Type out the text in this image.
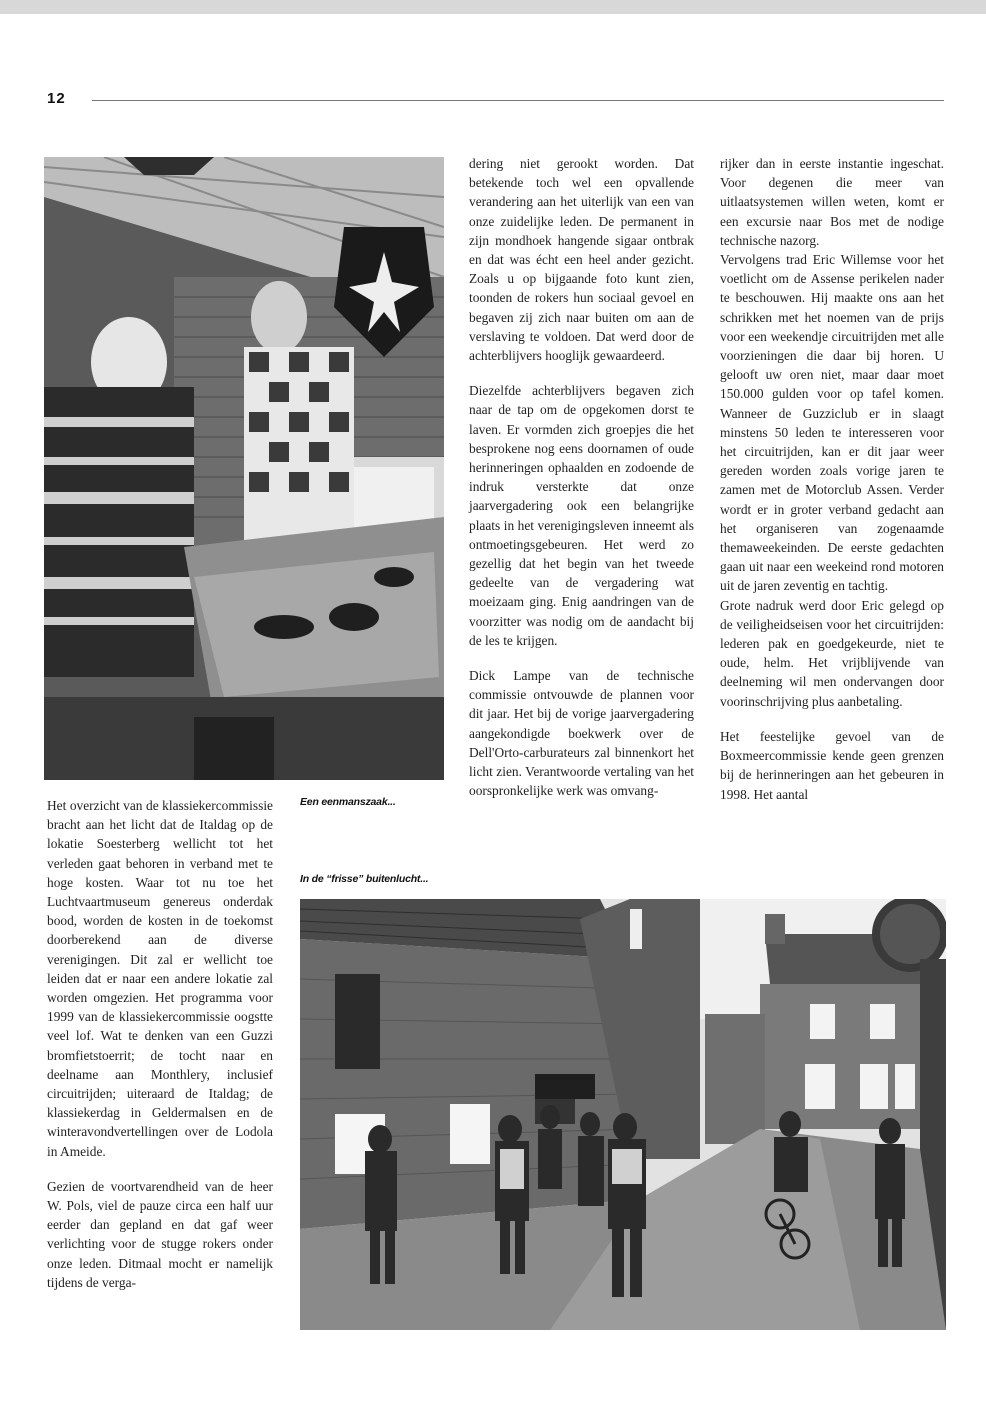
12

Het overzicht van de klassiekercommissie bracht aan het licht dat de Italdag op de lokatie Soesterberg wellicht tot het verleden gaat behoren in verband met te hoge kosten. Waar tot nu toe het Luchtvaartmuseum genereus onderdak bood, worden de kosten in de toekomst doorberekend aan de diverse verenigingen. Dit zal er wellicht toe leiden dat er naar een andere lokatie zal worden omgezien. Het programma voor 1999 van de klassiekercommissie oogstte veel lof. Wat te denken van een Guzzi bromfietstoerrit; de tocht naar en deelname aan Monthlery, inclusief circuitrijden; uiteraard de Italdag; de klassiekerdag in Geldermalsen en de winteravondvertellingen over de Lodola in Ameide.

Gezien de voortvarendheid van de heer W. Pols, viel de pauze circa een half uur eerder dan gepland en dat gaf weer verlichting voor de stugge rokers onder onze leden. Ditmaal mocht er namelijk tijdens de verga-

Een eenmanszaak...
In de “frisse” buitenlucht...

dering niet gerookt worden. Dat betekende toch wel een opvallende verandering aan het uiterlijk van een van onze zuidelijke leden. De permanent in zijn mondhoek hangende sigaar ontbrak en dat was écht een heel ander gezicht. Zoals u op bijgaande foto kunt zien, toonden de rokers hun sociaal gevoel en begaven zij zich naar buiten om aan de verslaving te voldoen. Dat werd door de achterblijvers hooglijk gewaardeerd.

Diezelfde achterblijvers begaven zich naar de tap om de opgekomen dorst te laven. Er vormden zich groepjes die het besprokene nog eens doornamen of oude herinneringen ophaalden en zodoende de indruk versterkte dat onze jaarvergadering ook een belangrijke plaats in het verenigingsleven inneemt als ontmoetingsgebeuren. Het werd zo gezellig dat het begin van het tweede gedeelte van de vergadering wat moeizaam ging. Enig aandringen van de voorzitter was nodig om de aandacht bij de les te krijgen.

Dick Lampe van de technische commissie ontvouwde de plannen voor dit jaar. Het bij de vorige jaarvergadering aangekondigde boekwerk over de Dell'Orto-carburateurs zal binnenkort het licht zien. Verantwoorde vertaling van het oorspronkelijke werk was omvang-

rijker dan in eerste instantie ingeschat. Voor degenen die meer van uitlaatsystemen willen weten, komt er een excursie naar Bos met de nodige technische nazorg.

Vervolgens trad Eric Willemse voor het voetlicht om de Assense perikelen nader te beschouwen. Hij maakte ons aan het schrikken met het noemen van de prijs voor een weekendje circuitrijden met alle voorzieningen die daar bij horen. U gelooft uw oren niet, maar daar moet 150.000 gulden voor op tafel komen. Wanneer de Guzziclub er in slaagt minstens 50 leden te interesseren voor het circuitrijden, kan er dit jaar weer gereden worden zoals vorige jaren te zamen met de Motorclub Assen. Verder wordt er in groter verband gedacht aan het organiseren van zogenaamde themaweekeinden. De eerste gedachten gaan uit naar een weekeind rond motoren uit de jaren zeventig en tachtig.

Grote nadruk werd door Eric gelegd op de veiligheidseisen voor het circuitrijden: lederen pak en goedgekeurde, niet te oude, helm. Het vrijblijvende van deelneming wil men ondervangen door voorinschrijving plus aanbetaling.

Het feestelijke gevoel van de Boxmeercommissie kende geen grenzen bij de herinneringen aan het gebeuren in 1998. Het aantal
